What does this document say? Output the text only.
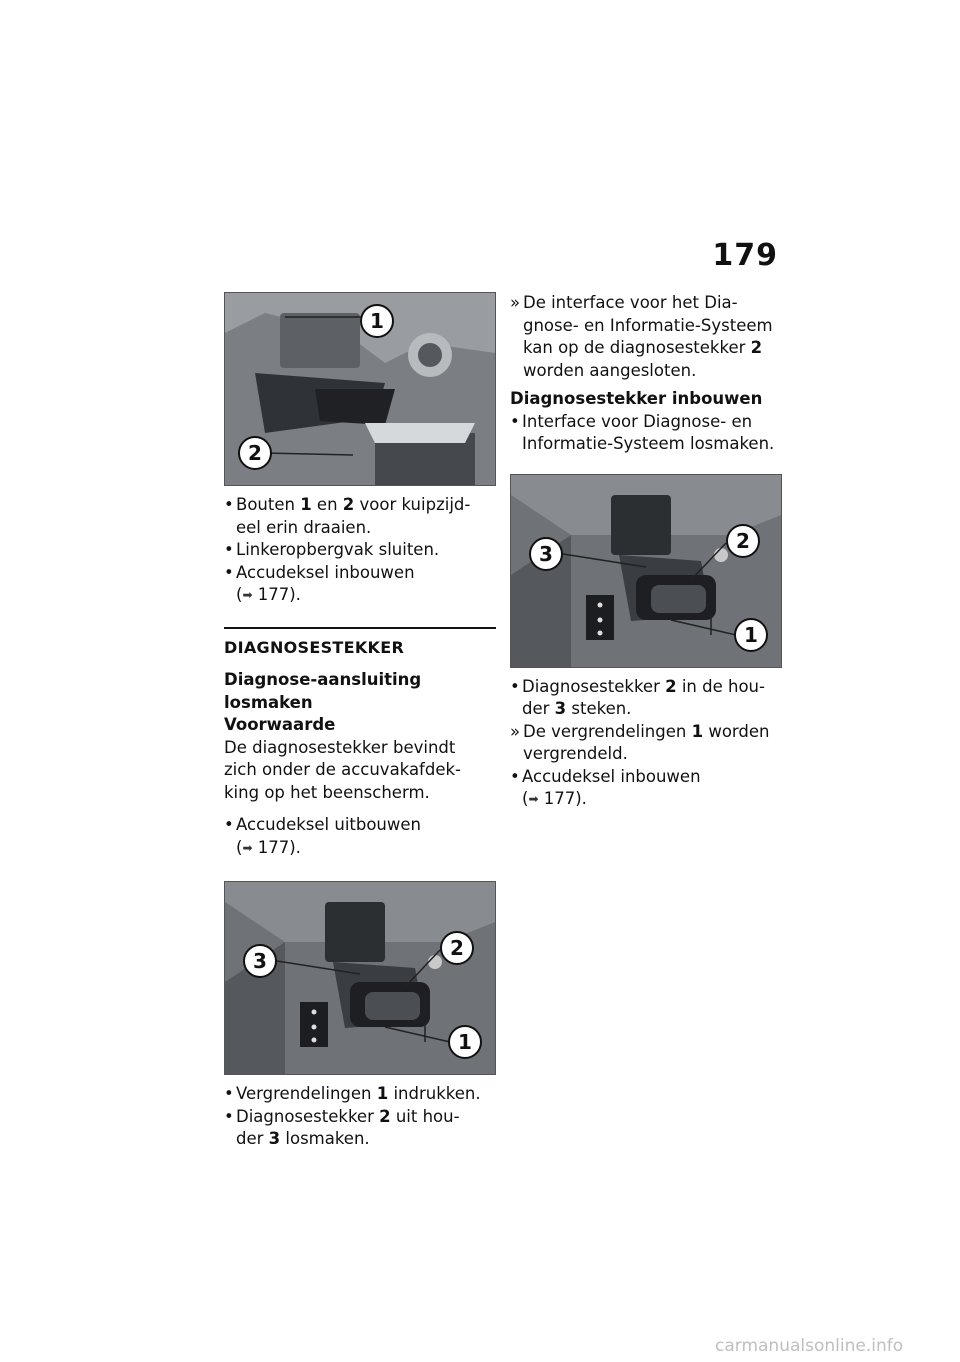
179
1
2
• Bouten 1 en 2 voor kuipzijd-
eel erin draaien.
• Linkeropbergvak sluiten.
• Accudeksel inbouwen
(➡ 177).
DIAGNOSESTEKKER
Diagnose-aansluiting
losmaken
Voorwaarde
De diagnosestekker bevindt
zich onder de accuvakafdek-
king op het beenscherm.
• Accudeksel uitbouwen
(➡ 177).
3
2
1
• Vergrendelingen 1 indrukken.
• Diagnosestekker 2 uit hou-
der 3 losmaken.
» De interface voor het Dia-
gnose- en Informatie-Systeem
kan op de diagnosestekker 2
worden aangesloten.
Diagnosestekker inbouwen
• Interface voor Diagnose- en
Informatie-Systeem losmaken.
3
2
1
• Diagnosestekker 2 in de hou-
der 3 steken.
» De vergrendelingen 1 worden
vergrendeld.
• Accudeksel inbouwen
(➡ 177).
carmanualsonline.info
